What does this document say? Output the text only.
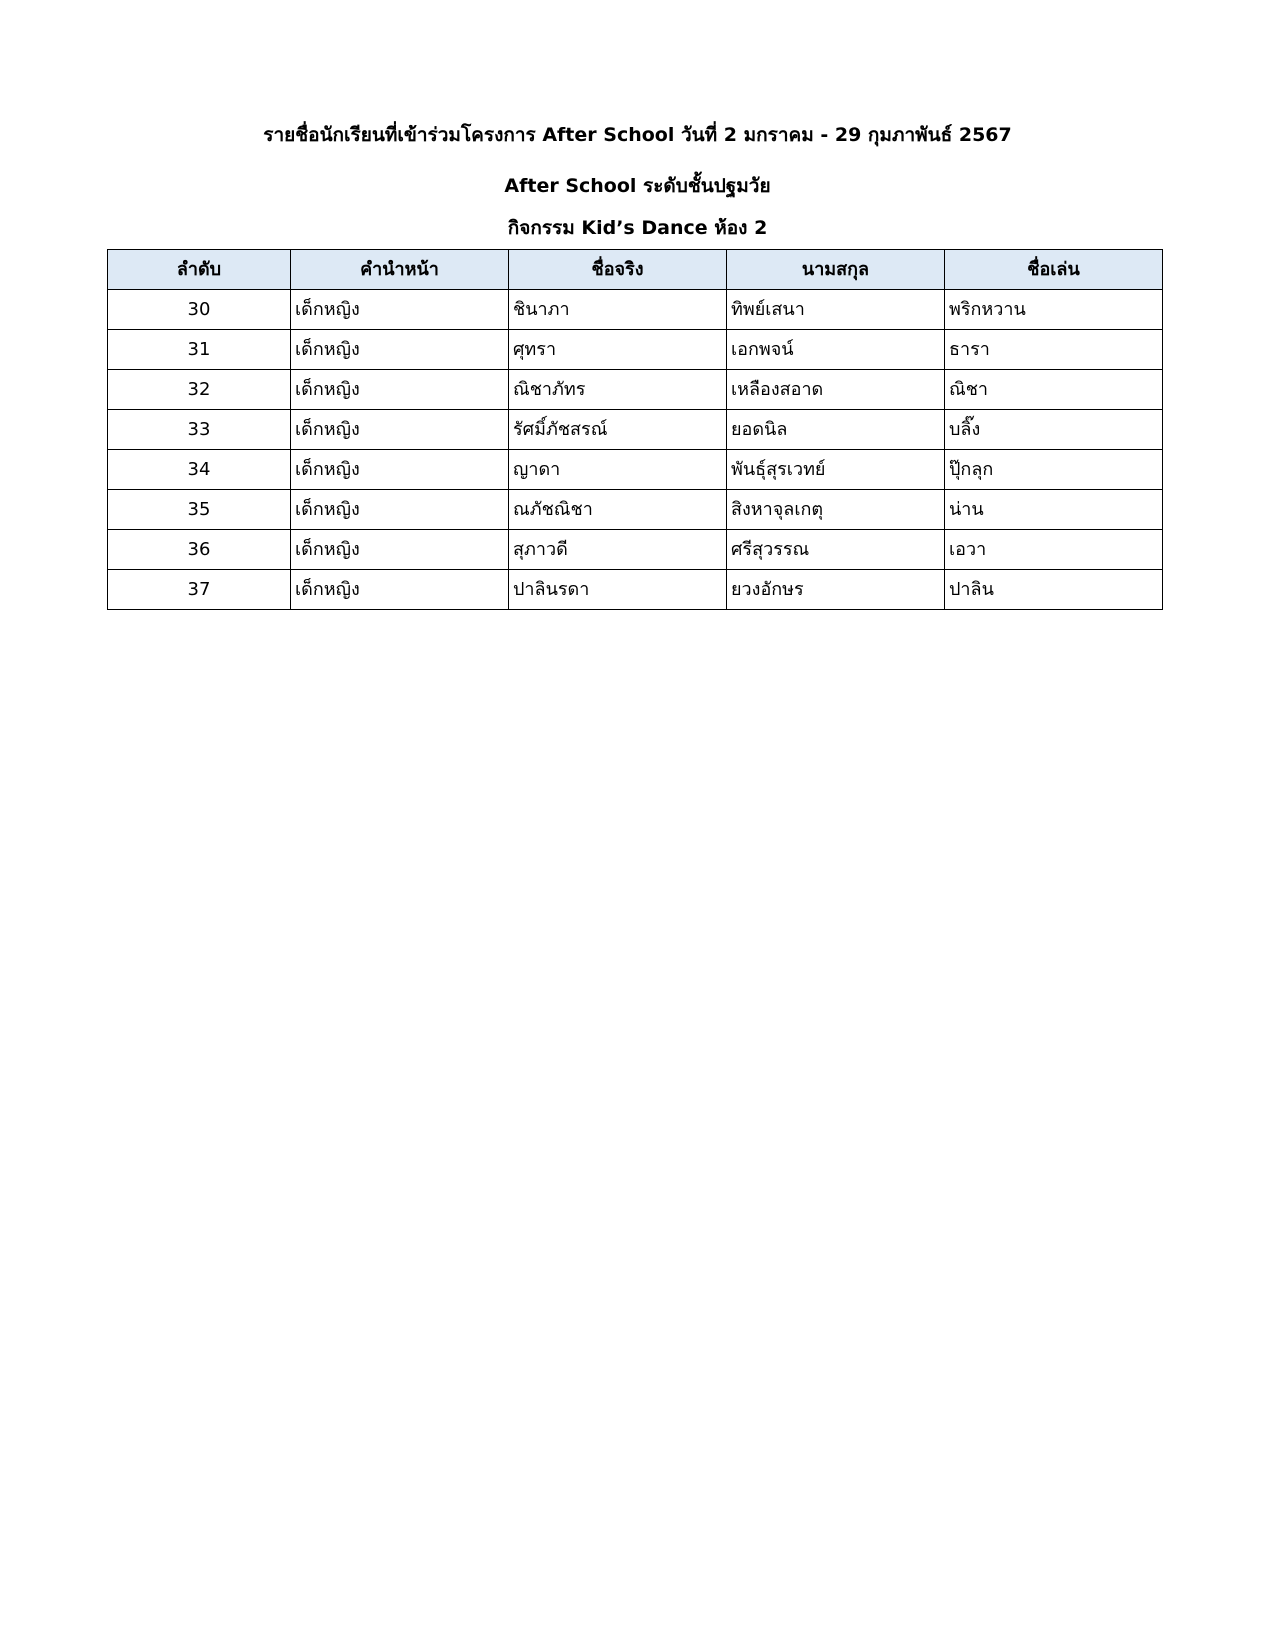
รายชื่อนักเรียนที่เข้าร่วมโครงการ After School วันที่ 2 มกราคม - 29 กุมภาพันธ์ 2567
After School ระดับชั้นปฐมวัย
กิจกรรม Kid’s Dance ห้อง 2
ลำดับ	คำนำหน้า	ชื่อจริง	นามสกุล	ชื่อเล่น
30	เด็กหญิง	ชินาภา	ทิพย์เสนา	พริกหวาน
31	เด็กหญิง	ศุทรา	เอกพจน์	ธารา
32	เด็กหญิง	ณิชาภัทร	เหลืองสอาด	ณิชา
33	เด็กหญิง	รัศมิ์ภัชสรณ์	ยอดนิล	บลิ๊ง
34	เด็กหญิง	ญาดา	พันธุ์สุรเวทย์	ปุ๊กลุก
35	เด็กหญิง	ณภัชณิชา	สิงหาจุลเกตุ	น่าน
36	เด็กหญิง	สุภาวดี	ศรีสุวรรณ	เอวา
37	เด็กหญิง	ปาลินรดา	ยวงอักษร	ปาลิน
